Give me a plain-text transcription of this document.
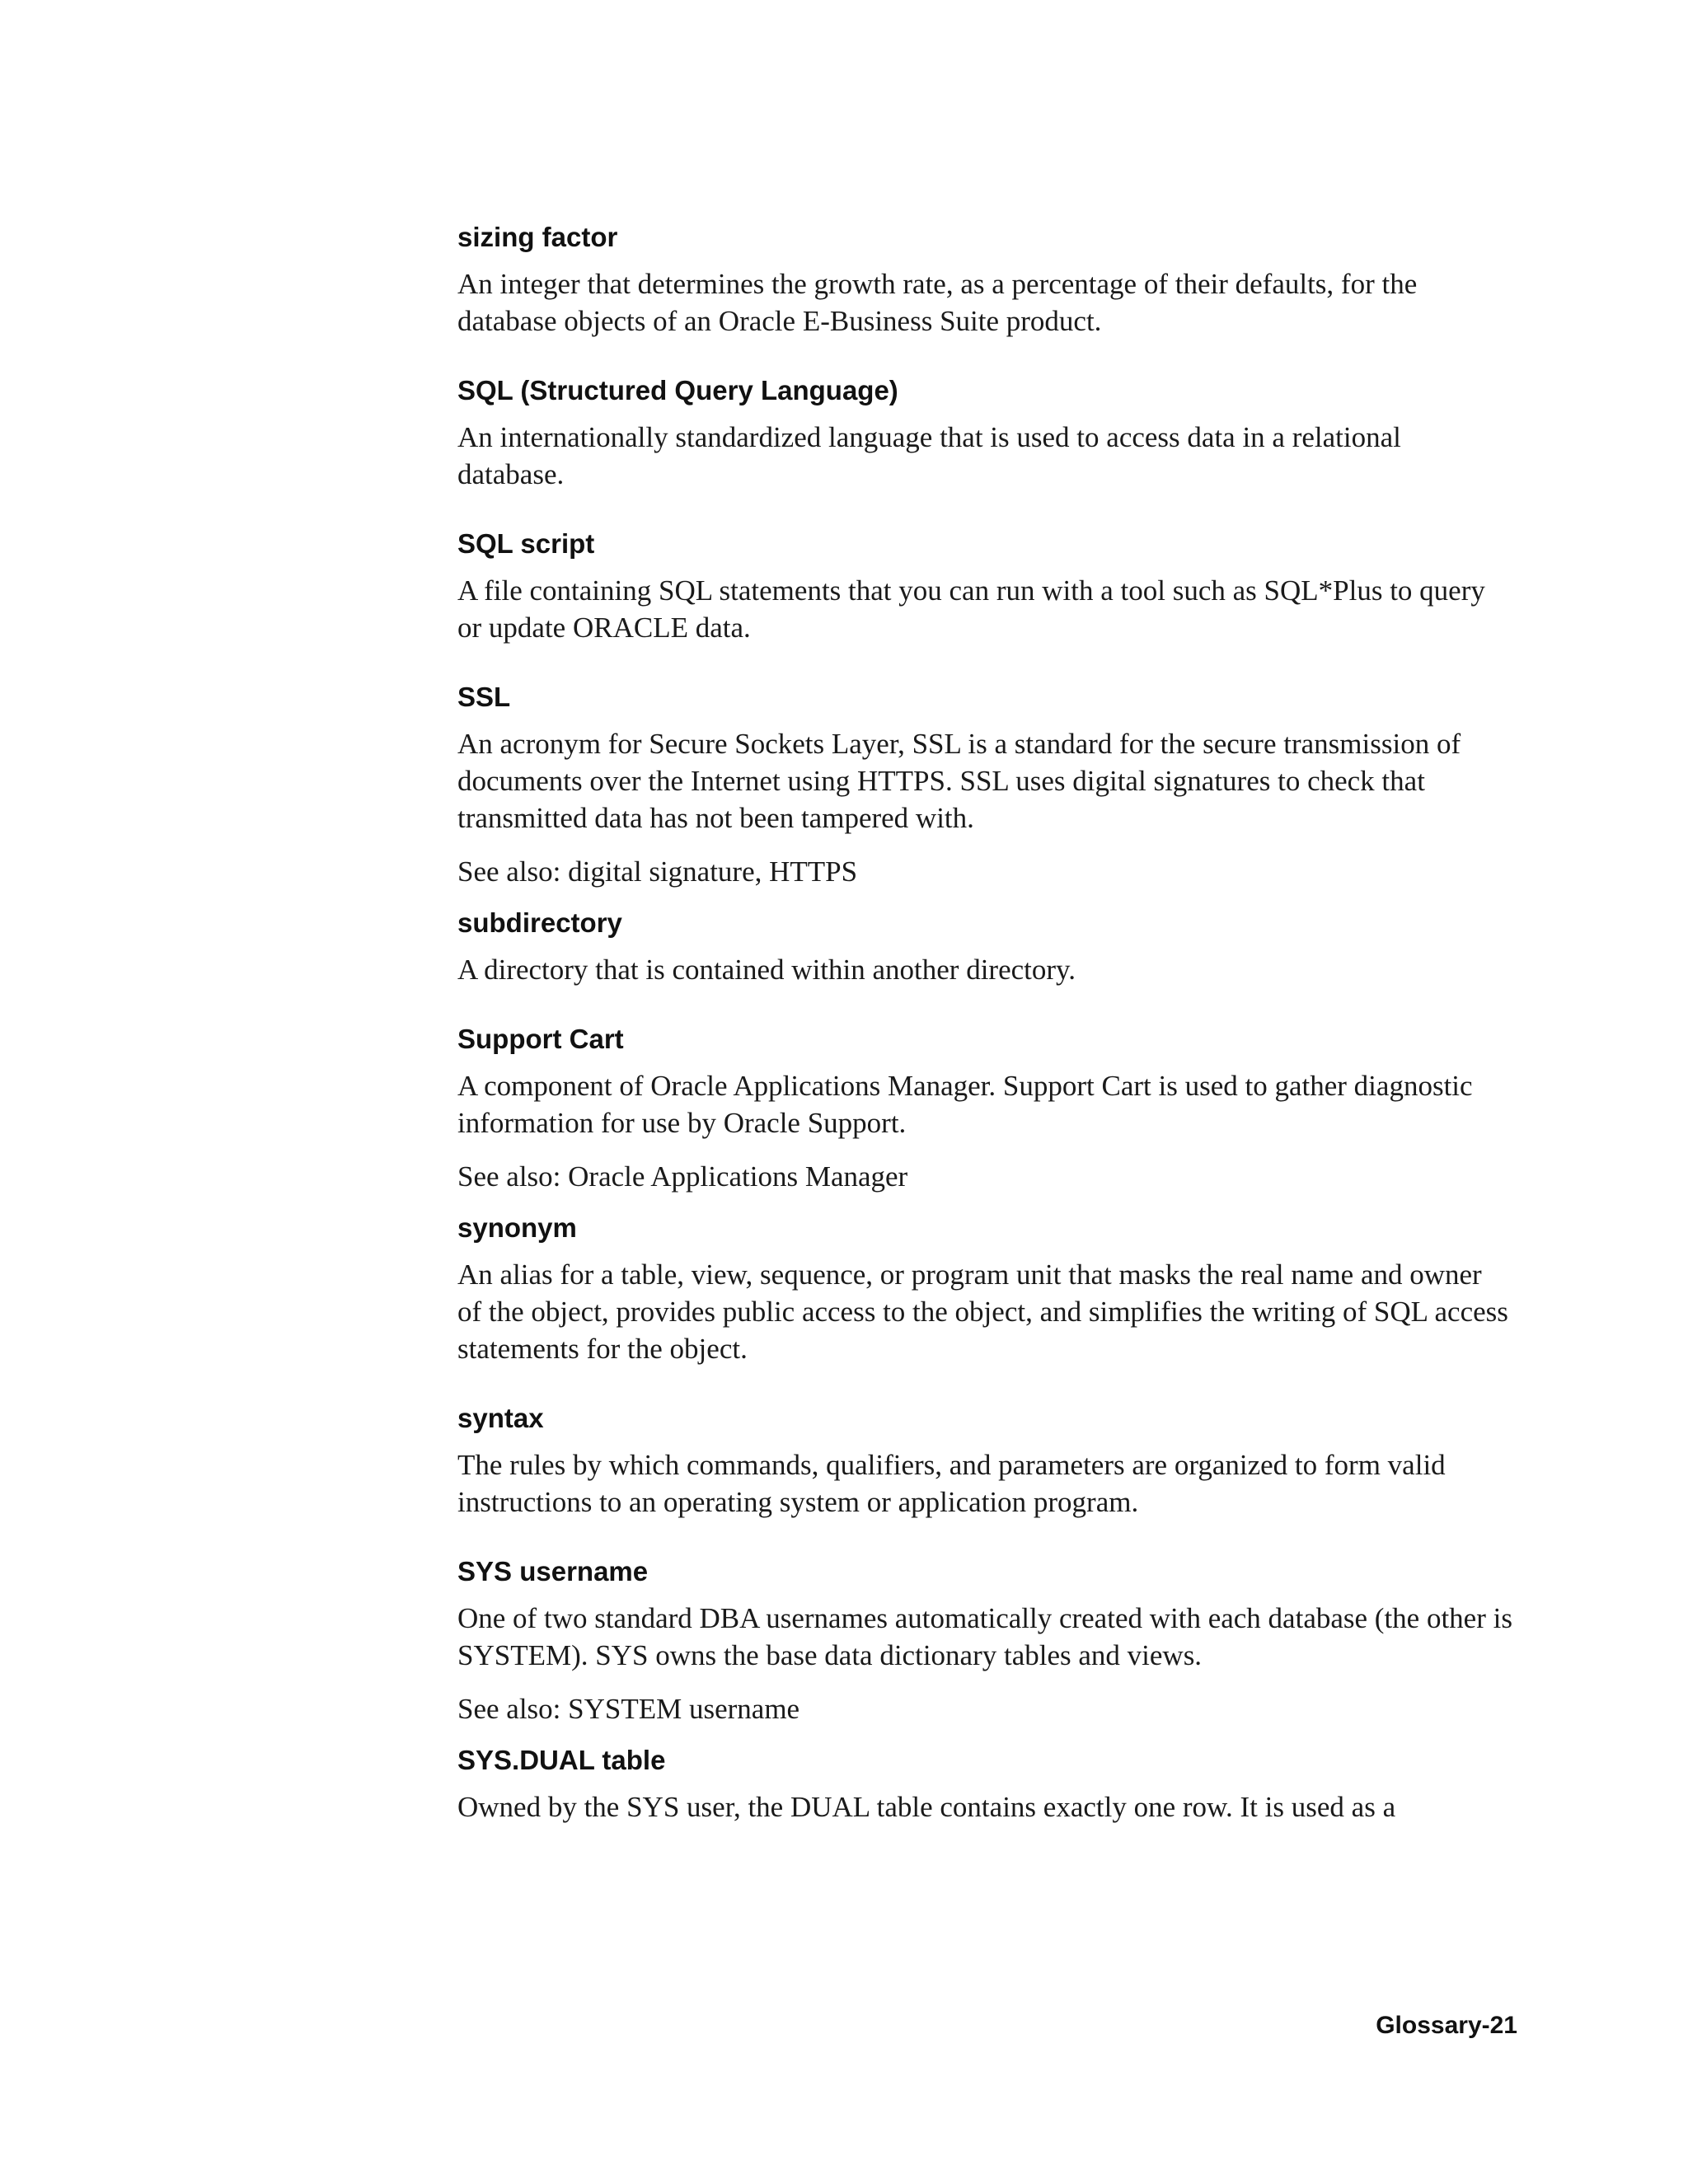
sizing factor
An integer that determines the growth rate, as a percentage of their defaults, for the database objects of an Oracle E-Business Suite product.
SQL (Structured Query Language)
An internationally standardized language that is used to access data in a relational database.
SQL script
A file containing SQL statements that you can run with a tool such as SQL*Plus to query or update ORACLE data.
SSL
An acronym for Secure Sockets Layer, SSL is a standard for the secure transmission of documents over the Internet using HTTPS. SSL uses digital signatures to check that transmitted data has not been tampered with.
See also: digital signature, HTTPS
subdirectory
A directory that is contained within another directory.
Support Cart
A component of Oracle Applications Manager. Support Cart is used to gather diagnostic information for use by Oracle Support.
See also: Oracle Applications Manager
synonym
An alias for a table, view, sequence, or program unit that masks the real name and owner of the object, provides public access to the object, and simplifies the writing of SQL access statements for the object.
syntax
The rules by which commands, qualifiers, and parameters are organized to form valid instructions to an operating system or application program.
SYS username
One of two standard DBA usernames automatically created with each database (the other is SYSTEM). SYS owns the base data dictionary tables and views.
See also: SYSTEM username
SYS.DUAL table
Owned by the SYS user, the DUAL table contains exactly one row. It is used as a
Glossary-21
